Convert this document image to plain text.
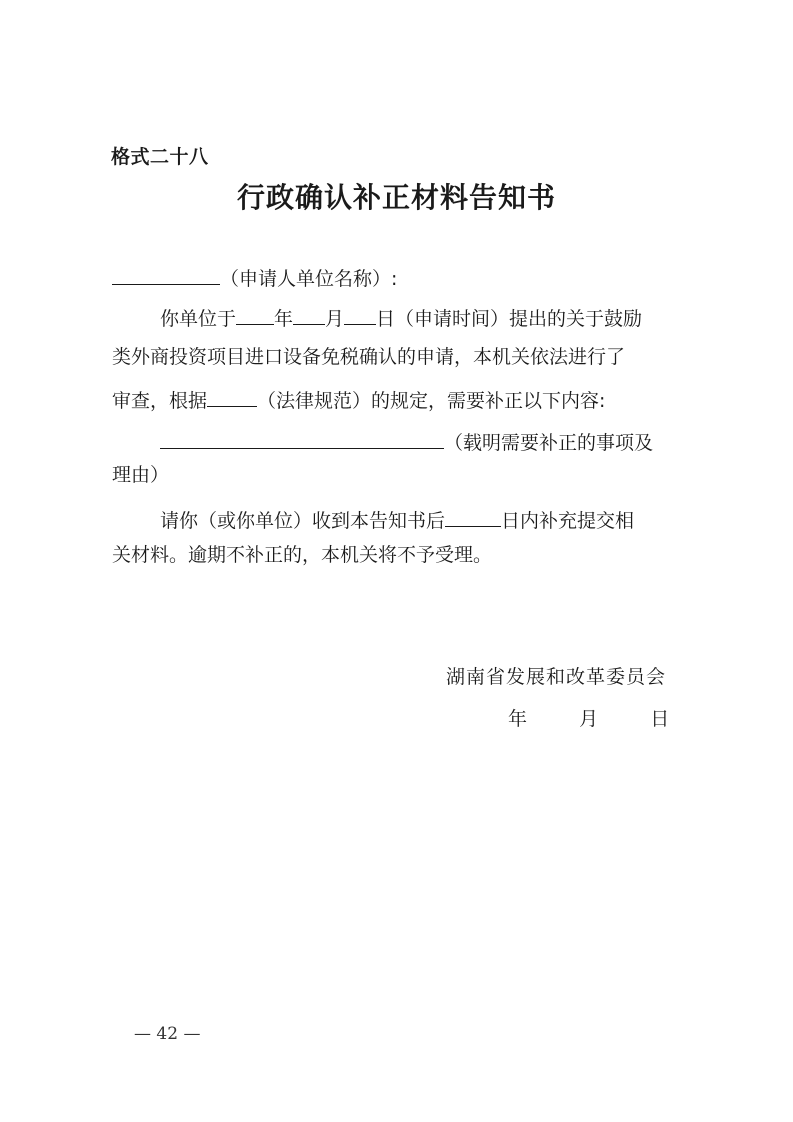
格式二十八
行政确认补正材料告知书
（申请人单位名称）:
你单位于 年 月 日（申请时间）提出的关于鼓励
类外商投资项目进口设备免税确认的申请，本机关依法进行了
审查，根据	（法律规范）的规定，需要补正以下内容:
（载明需要补正的事项及
理由）
请你（或你单位）收到本告知书后	日内补充提交相
关材料。逾期不补正的，本机关将不予受理。
湖南省发展和改革委员会
年	月	日
— 42 —
